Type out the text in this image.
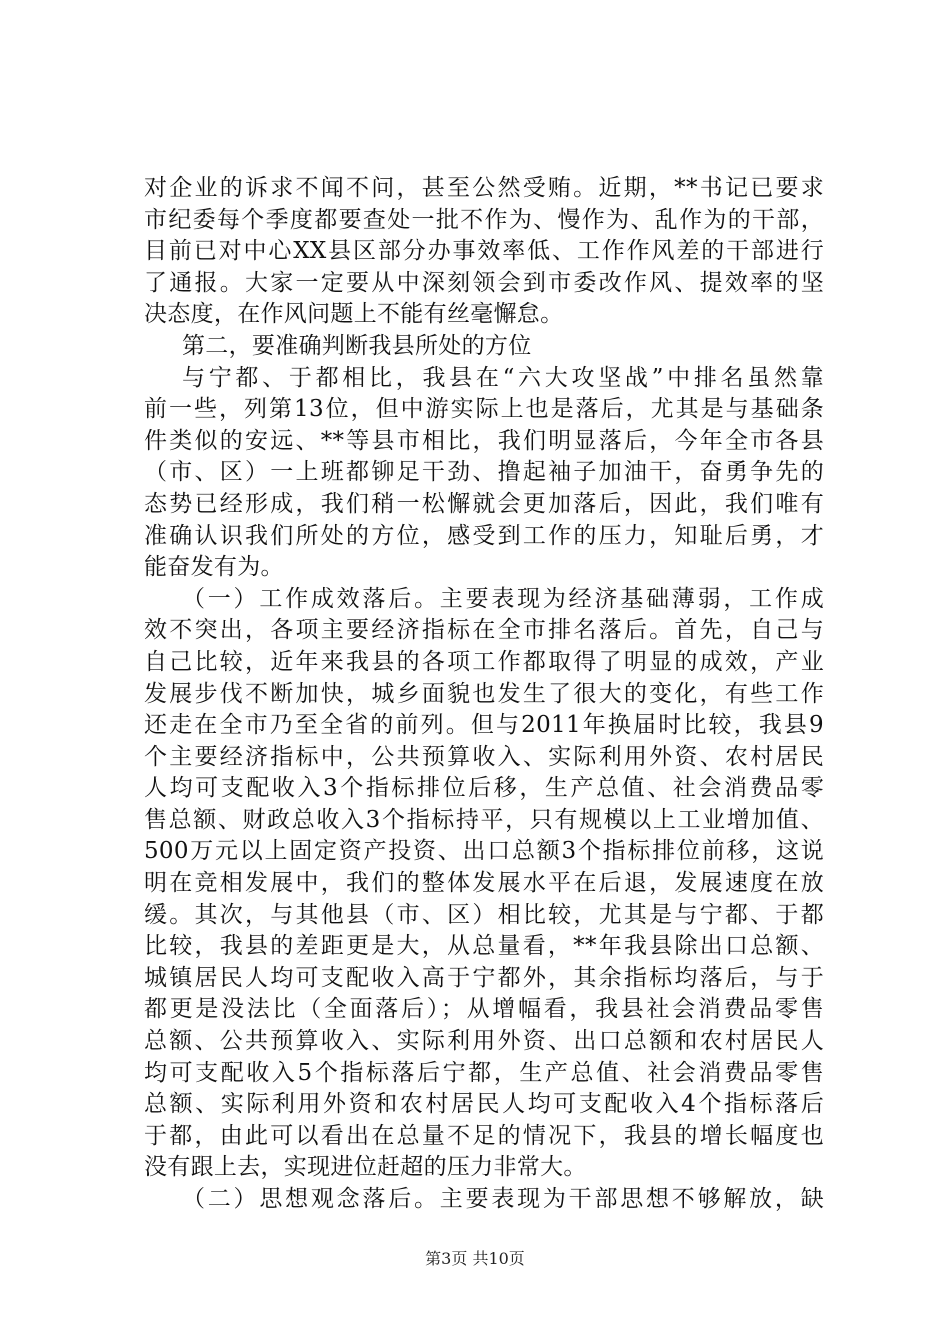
对企业的诉求不闻不问，甚至公然受贿。近期，**书记已要求
市纪委每个季度都要查处一批不作为、慢作为、乱作为的干部，
目前已对中心XX县区部分办事效率低、工作作风差的干部进行
了通报。大家一定要从中深刻领会到市委改作风、提效率的坚
决态度，在作风问题上不能有丝毫懈怠。
第二，要准确判断我县所处的方位
与宁都、于都相比，我县在“六大攻坚战”中排名虽然靠
前一些，列第13位，但中游实际上也是落后，尤其是与基础条
件类似的安远、**等县市相比，我们明显落后，今年全市各县
（市、区）一上班都铆足干劲、撸起袖子加油干，奋勇争先的
态势已经形成，我们稍一松懈就会更加落后，因此，我们唯有
准确认识我们所处的方位，感受到工作的压力，知耻后勇，才
能奋发有为。
（一）工作成效落后。主要表现为经济基础薄弱，工作成
效不突出，各项主要经济指标在全市排名落后。首先，自己与
自己比较，近年来我县的各项工作都取得了明显的成效，产业
发展步伐不断加快，城乡面貌也发生了很大的变化，有些工作
还走在全市乃至全省的前列。但与2011年换届时比较，我县9
个主要经济指标中，公共预算收入、实际利用外资、农村居民
人均可支配收入3个指标排位后移，生产总值、社会消费品零
售总额、财政总收入3个指标持平，只有规模以上工业增加值、
500万元以上固定资产投资、出口总额3个指标排位前移，这说
明在竞相发展中，我们的整体发展水平在后退，发展速度在放
缓。其次，与其他县（市、区）相比较，尤其是与宁都、于都
比较，我县的差距更是大，从总量看，**年我县除出口总额、
城镇居民人均可支配收入高于宁都外，其余指标均落后，与于
都更是没法比（全面落后）；从增幅看，我县社会消费品零售
总额、公共预算收入、实际利用外资、出口总额和农村居民人
均可支配收入5个指标落后宁都，生产总值、社会消费品零售
总额、实际利用外资和农村居民人均可支配收入4个指标落后
于都，由此可以看出在总量不足的情况下，我县的增长幅度也
没有跟上去，实现进位赶超的压力非常大。
（二）思想观念落后。主要表现为干部思想不够解放，缺
第3页 共10页
